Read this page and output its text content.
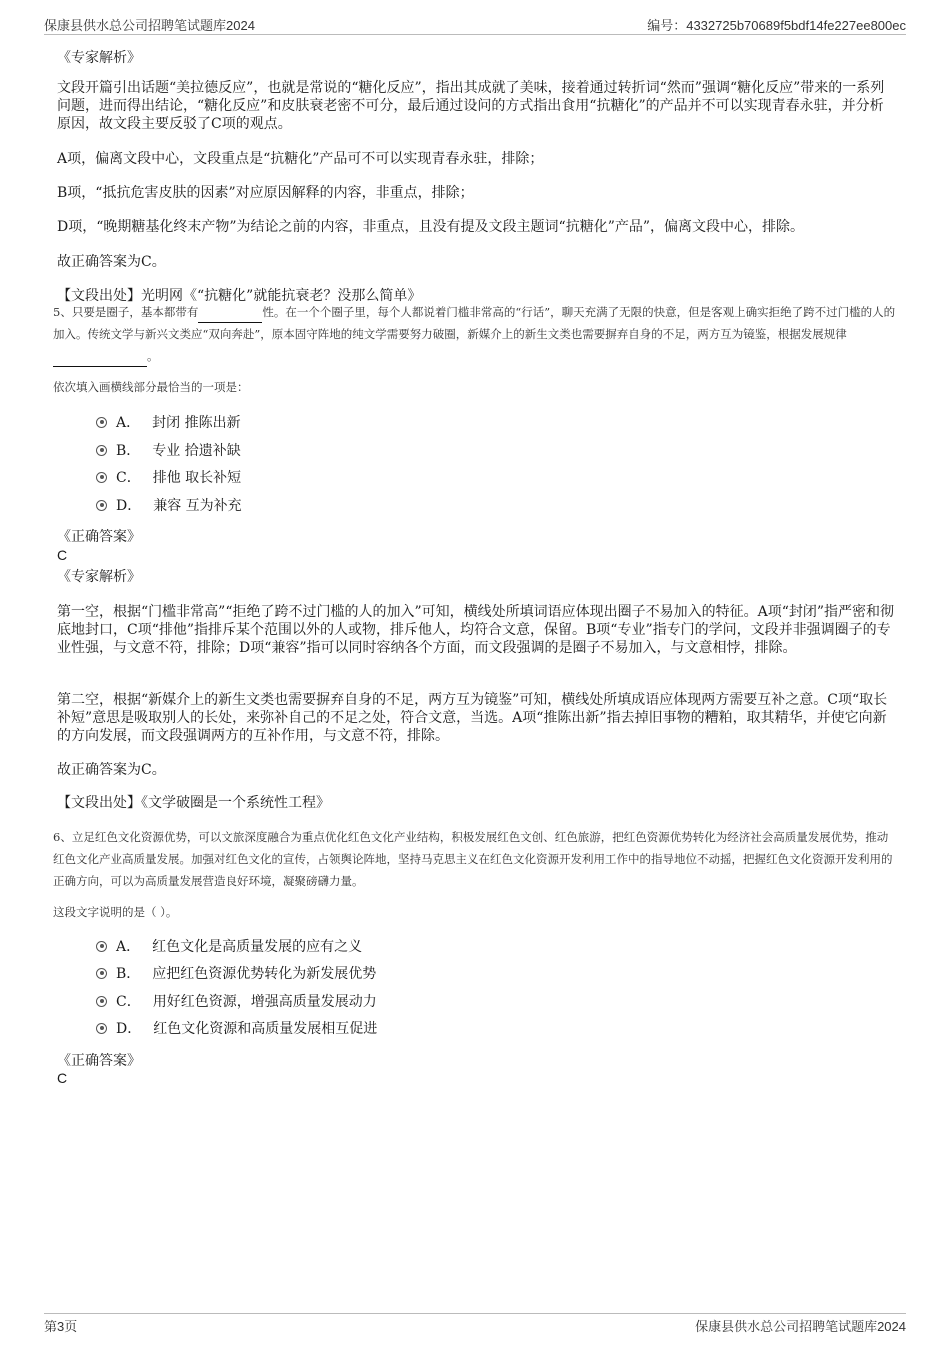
保康县供水总公司招聘笔试题库2024	编号：4332725b70689f5bdf14fe227ee800ec
《专家解析》
文段开篇引出话题“美拉德反应”，也就是常说的“糖化反应”，指出其成就了美味，接着通过转折词“然而”强调“糖化反应”带来的一系列问题，进而得出结论，“糖化反应”和皮肤衰老密不可分，最后通过设问的方式指出食用“抗糖化”的产品并不可以实现青春永驻，并分析原因，故文段主要反驳了C项的观点。
A项，偏离文段中心，文段重点是“抗糖化”产品可不可以实现青春永驻，排除；
B项，“抵抗危害皮肤的因素”对应原因解释的内容，非重点，排除；
D项，“晚期糖基化终末产物”为结论之前的内容，非重点，且没有提及文段主题词“抗糖化”产品”，偏离文段中心，排除。
故正确答案为C。
【文段出处】光明网《“抗糖化”就能抗衰老？没那么简单》
5、只要是圈子，基本都带有	性。在一个个圈子里，每个人都说着门槛非常高的“行话”，聊天充满了无限的快意，但是客观上确实拒绝了跨不过门槛的人的加入。传统文学与新兴文类应“双向奔赴”，原本固守阵地的纯文学需要努力破圈，新媒介上的新生文类也需要摒弃自身的不足，两方互为镜鉴，根据发展规律。
依次填入画横线部分最恰当的一项是：
A． 封闭 推陈出新
B． 专业 拾遗补缺
C． 排他 取长补短
D． 兼容 互为补充
《正确答案》
C
《专家解析》
第一空，根据“门槛非常高”“拒绝了跨不过门槛的人的加入”可知，横线处所填词语应体现出圈子不易加入的特征。A项“封闭”指严密和彻底地封口，C项“排他”指排斥某个范围以外的人或物，排斥他人，均符合文意，保留。B项“专业”指专门的学问，文段并非强调圈子的专业性强，与文意不符，排除；D项“兼容”指可以同时容纳各个方面，而文段强调的是圈子不易加入，与文意相悖，排除。
第二空，根据“新媒介上的新生文类也需要摒弃自身的不足，两方互为镜鉴”可知，横线处所填成语应体现两方需要互补之意。C项“取长补短”意思是吸取别人的长处，来弥补自己的不足之处，符合文意，当选。A项“推陈出新”指去掉旧事物的糟粕，取其精华，并使它向新的方向发展，而文段强调两方的互补作用，与文意不符，排除。
故正确答案为C。
【文段出处】《文学破圈是一个系统性工程》
6、立足红色文化资源优势，可以文旅深度融合为重点优化红色文化产业结构，积极发展红色文创、红色旅游，把红色资源优势转化为经济社会高质量发展优势，推动红色文化产业高质量发展。加强对红色文化的宣传，占领舆论阵地，坚持马克思主义在红色文化资源开发利用工作中的指导地位不动摇，把握红色文化资源开发利用的正确方向，可以为高质量发展营造良好环境，凝聚磅礴力量。
这段文字说明的是（ ）。
A． 红色文化是高质量发展的应有之义
B． 应把红色资源优势转化为新发展优势
C． 用好红色资源，增强高质量发展动力
D． 红色文化资源和高质量发展相互促进
《正确答案》
C
第3页	保康县供水总公司招聘笔试题库2024
